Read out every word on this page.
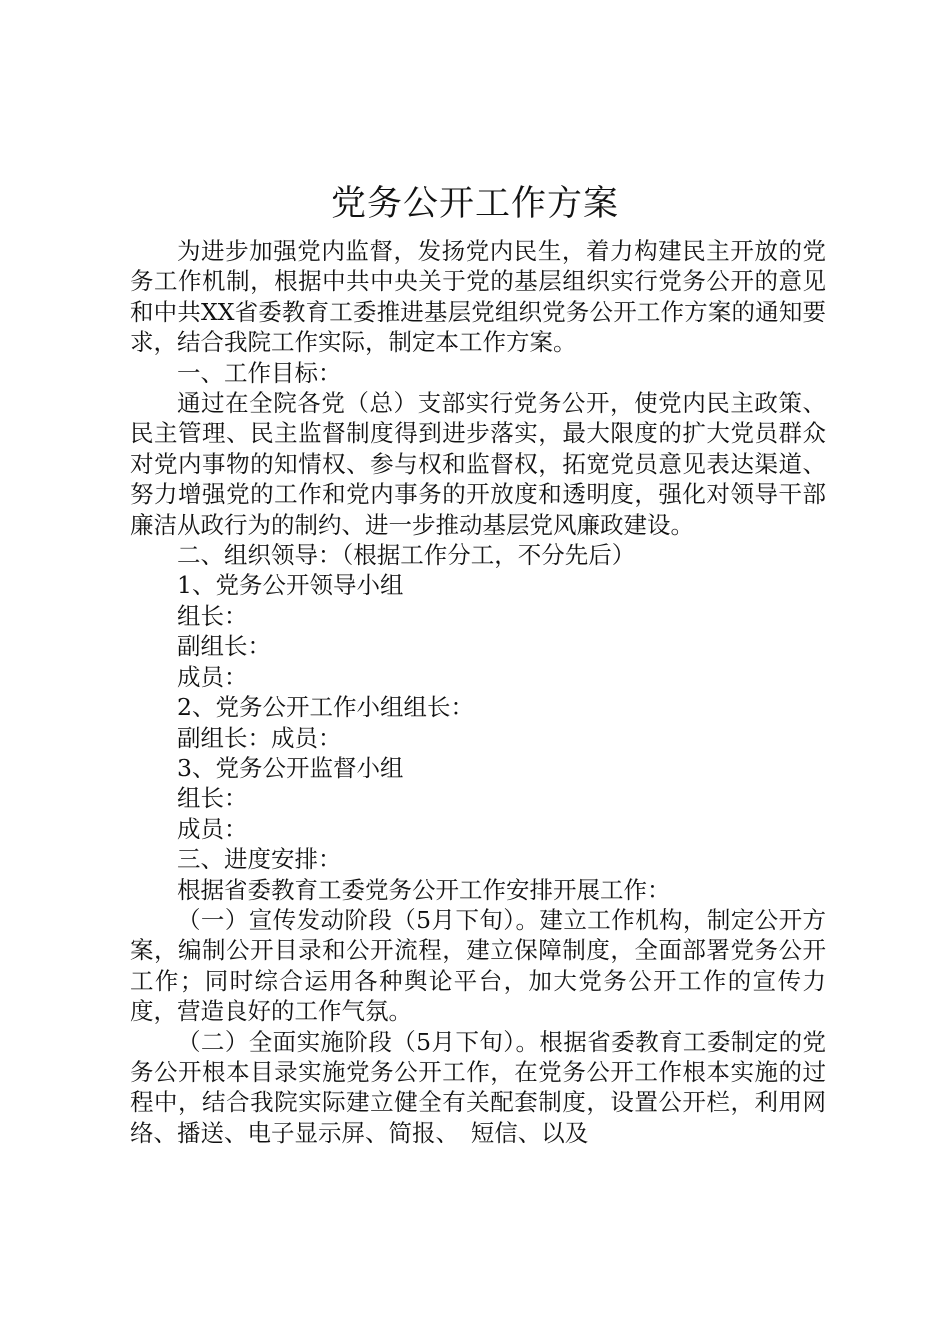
党务公开工作方案

为进步加强党内监督，发扬党内民生，着力构建民主开放的党务工作机制，根据中共中央关于党的基层组织实行党务公开的意见和中共XX省委教育工委推进基层党组织党务公开工作方案的通知要求，结合我院工作实际，制定本工作方案。

一、工作目标：

通过在全院各党（总）支部实行党务公开，使党内民主政策、民主管理、民主监督制度得到进步落实，最大限度的扩大党员群众对党内事物的知情权、参与权和监督权，拓宽党员意见表达渠道、努力增强党的工作和党内事务的开放度和透明度，强化对领导干部廉洁从政行为的制约、进一步推动基层党风廉政建设。

二、组织领导：（根据工作分工，不分先后）

1、党务公开领导小组

组长：

副组长：

成员：

2、党务公开工作小组组长：

副组长：成员：

3、党务公开监督小组

组长：

成员：

三、进度安排：

根据省委教育工委党务公开工作安排开展工作：

（一）宣传发动阶段（5月下旬）。建立工作机构，制定公开方案，编制公开目录和公开流程，建立保障制度，全面部署党务公开工作；同时综合运用各种舆论平台，加大党务公开工作的宣传力度，营造良好的工作气氛。

（二）全面实施阶段（5月下旬）。根据省委教育工委制定的党务公开根本目录实施党务公开工作，在党务公开工作根本实施的过程中，结合我院实际建立健全有关配套制度，设置公开栏，利用网络、播送、电子显示屏、简报、　短信、以及
